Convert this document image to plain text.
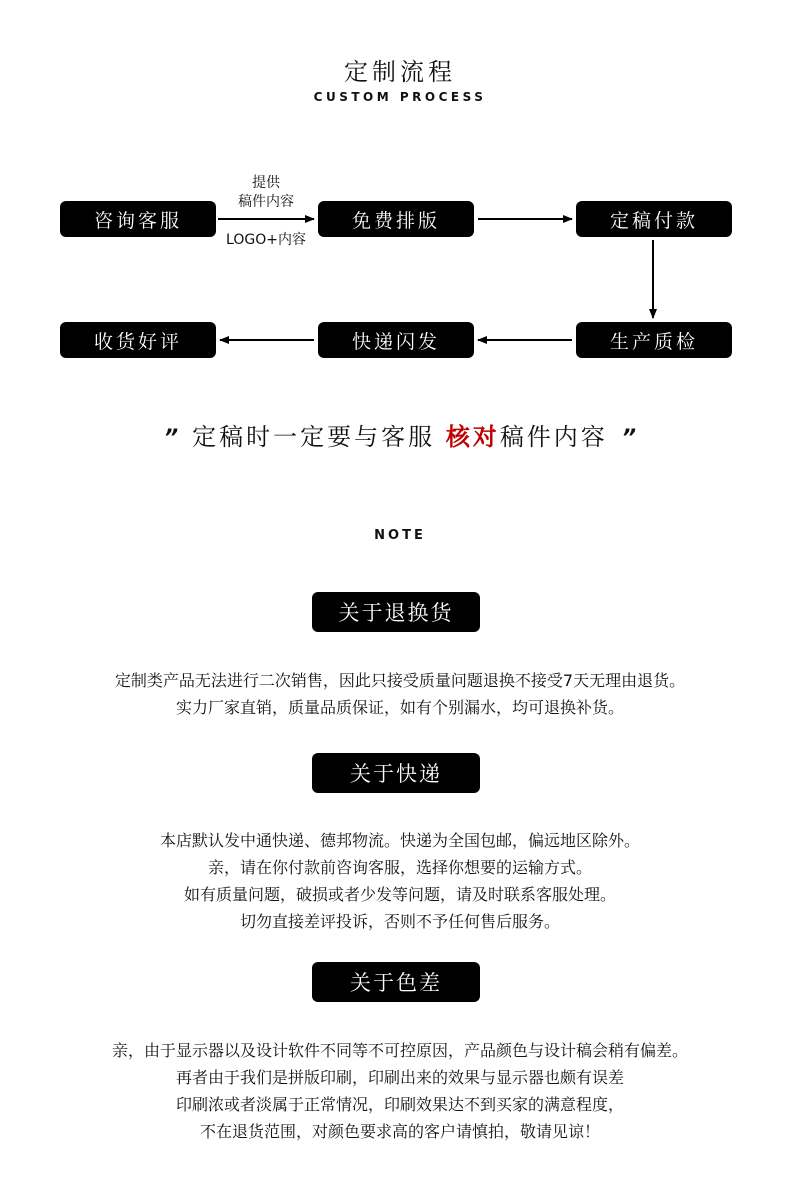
定制流程
CUSTOM PROCESS
咨询客服	免费排版	定稿付款
生产质检
快递闪发
收货好评
提供
稿件内容
LOGO+内容
” 定稿时一定要与客服 核对稿件内容 ”
NOTE
关于退换货
定制类产品无法进行二次销售，因此只接受质量问题退换不接受7天无理由退货。
实力厂家直销，质量品质保证，如有个别漏水，均可退换补货。
关于快递
本店默认发中通快递、德邦物流。快递为全国包邮，偏远地区除外。
亲，请在你付款前咨询客服，选择你想要的运输方式。
如有质量问题，破损或者少发等问题，请及时联系客服处理。
切勿直接差评投诉，否则不予任何售后服务。
关于色差
亲，由于显示器以及设计软件不同等不可控原因，产品颜色与设计稿会稍有偏差。
再者由于我们是拼版印刷，印刷出来的效果与显示器也颇有误差
印刷浓或者淡属于正常情况，印刷效果达不到买家的满意程度，
不在退货范围，对颜色要求高的客户请慎拍，敬请见谅！
